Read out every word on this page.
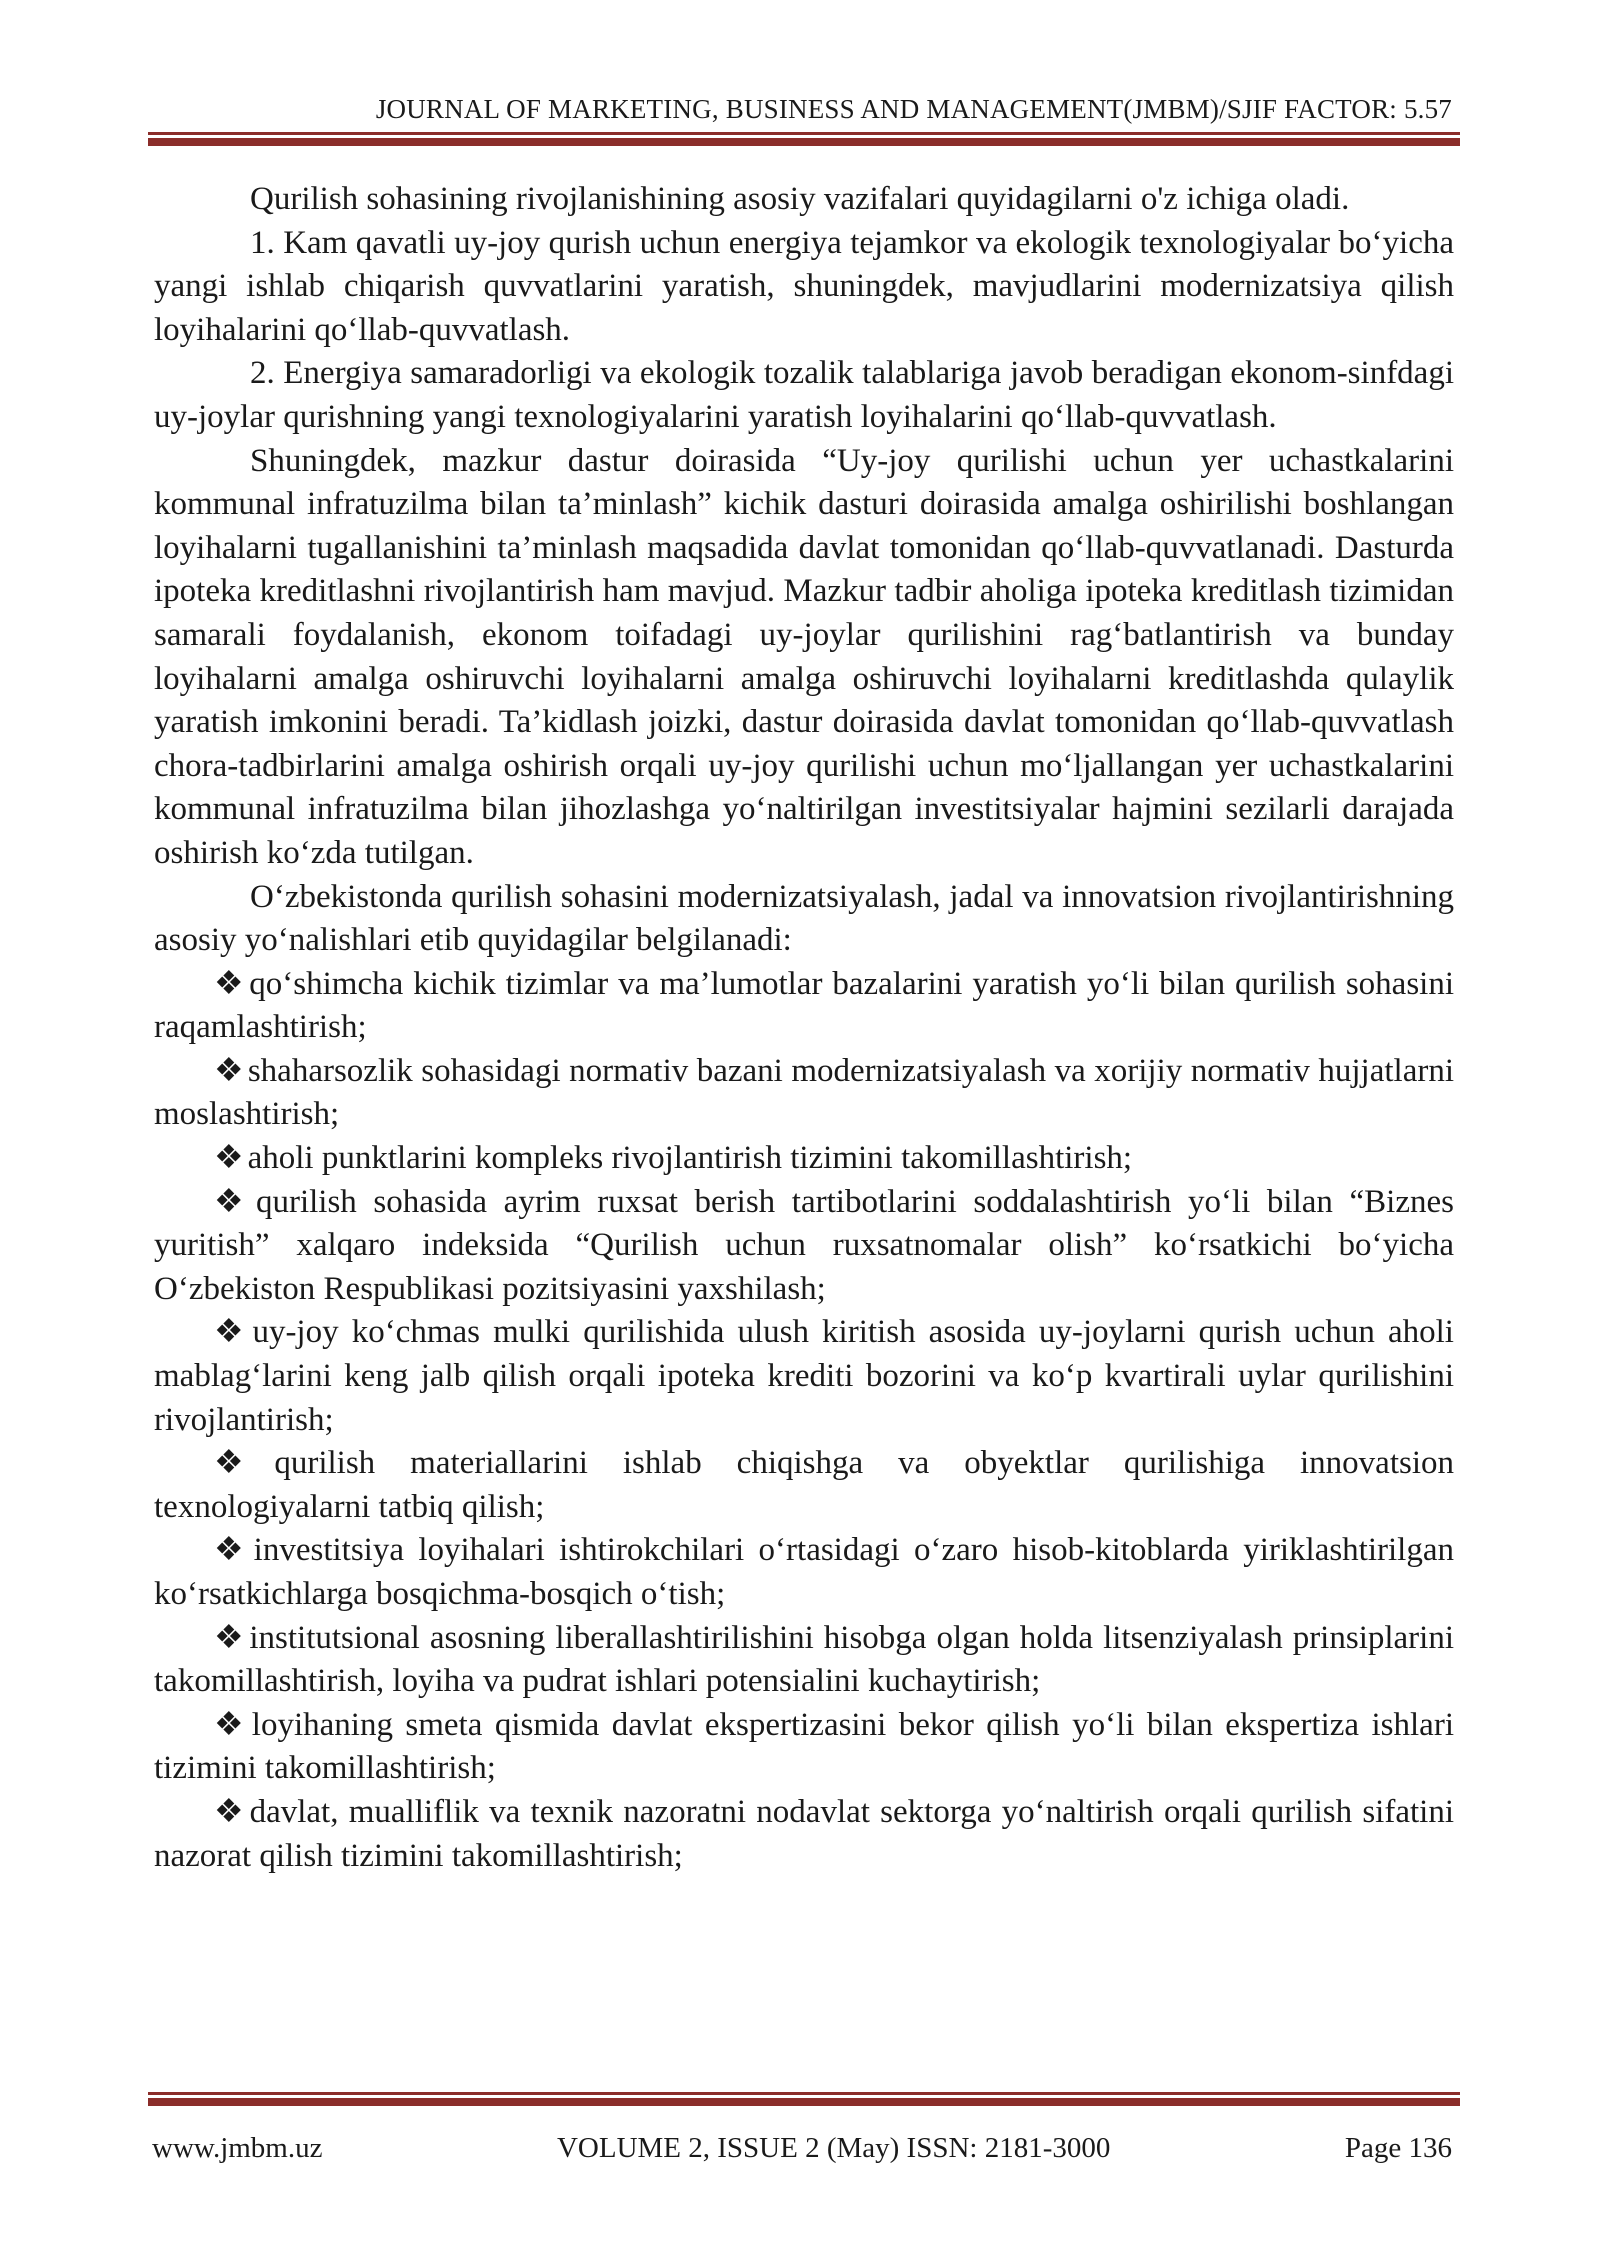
JOURNAL OF MARKETING, BUSINESS AND MANAGEMENT(JMBM)/SJIF FACTOR: 5.57

Qurilish sohasining rivojlanishining asosiy vazifalari quyidagilarni o'z ichiga oladi.

1. Kam qavatli uy-joy qurish uchun energiya tejamkor va ekologik texnologiyalar bo‘yicha yangi ishlab chiqarish quvvatlarini yaratish, shuningdek, mavjudlarini modernizatsiya qilish loyihalarini qo‘llab-quvvatlash.

2. Energiya samaradorligi va ekologik tozalik talablariga javob beradigan ekonom-sinfdagi uy-joylar qurishning yangi texnologiyalarini yaratish loyihalarini qo‘llab-quvvatlash.

Shuningdek, mazkur dastur doirasida “Uy-joy qurilishi uchun yer uchastkalarini kommunal infratuzilma bilan ta’minlash” kichik dasturi doirasida amalga oshirilishi boshlangan loyihalarni tugallanishini ta’minlash maqsadida davlat tomonidan qo‘llab-quvvatlanadi. Dasturda ipoteka kreditlashni rivojlantirish ham mavjud. Mazkur tadbir aholiga ipoteka kreditlash tizimidan samarali foydalanish, ekonom toifadagi uy-joylar qurilishini rag‘batlantirish va bunday loyihalarni amalga oshiruvchi loyihalarni amalga oshiruvchi loyihalarni kreditlashda qulaylik yaratish imkonini beradi. Ta’kidlash joizki, dastur doirasida davlat tomonidan qo‘llab-quvvatlash chora-tadbirlarini amalga oshirish orqali uy-joy qurilishi uchun mo‘ljallangan yer uchastkalarini kommunal infratuzilma bilan jihozlashga yo‘naltirilgan investitsiyalar hajmini sezilarli darajada oshirish ko‘zda tutilgan.

O‘zbekistonda qurilish sohasini modernizatsiyalash, jadal va innovatsion rivojlantirishning asosiy yo‘nalishlari etib quyidagilar belgilanadi:

❖ qo‘shimcha kichik tizimlar va ma’lumotlar bazalarini yaratish yo‘li bilan qurilish sohasini raqamlashtirish;

❖ shaharsozlik sohasidagi normativ bazani modernizatsiyalash va xorijiy normativ hujjatlarni moslashtirish;

❖ aholi punktlarini kompleks rivojlantirish tizimini takomillashtirish;

❖ qurilish sohasida ayrim ruxsat berish tartibotlarini soddalashtirish yo‘li bilan “Biznes yuritish” xalqaro indeksida “Qurilish uchun ruxsatnomalar olish” ko‘rsatkichi bo‘yicha O‘zbekiston Respublikasi pozitsiyasini yaxshilash;

❖ uy-joy ko‘chmas mulki qurilishida ulush kiritish asosida uy-joylarni qurish uchun aholi mablag‘larini keng jalb qilish orqali ipoteka krediti bozorini va ko‘p kvartirali uylar qurilishini rivojlantirish;

❖ qurilish materiallarini ishlab chiqishga va obyektlar qurilishiga innovatsion texnologiyalarni tatbiq qilish;

❖ investitsiya loyihalari ishtirokchilari o‘rtasidagi o‘zaro hisob-kitoblarda yiriklashtirilgan ko‘rsatkichlarga bosqichma-bosqich o‘tish;

❖ institutsional asosning liberallashtirilishini hisobga olgan holda litsenziyalash prinsiplarini takomillashtirish, loyiha va pudrat ishlari potensialini kuchaytirish;

❖ loyihaning smeta qismida davlat ekspertizasini bekor qilish yo‘li bilan ekspertiza ishlari tizimini takomillashtirish;

❖ davlat, mualliflik va texnik nazoratni nodavlat sektorga yo‘naltirish orqali qurilish sifatini nazorat qilish tizimini takomillashtirish;

www.jmbm.uz	VOLUME 2, ISSUE 2 (May) ISSN: 2181-3000	Page 136
